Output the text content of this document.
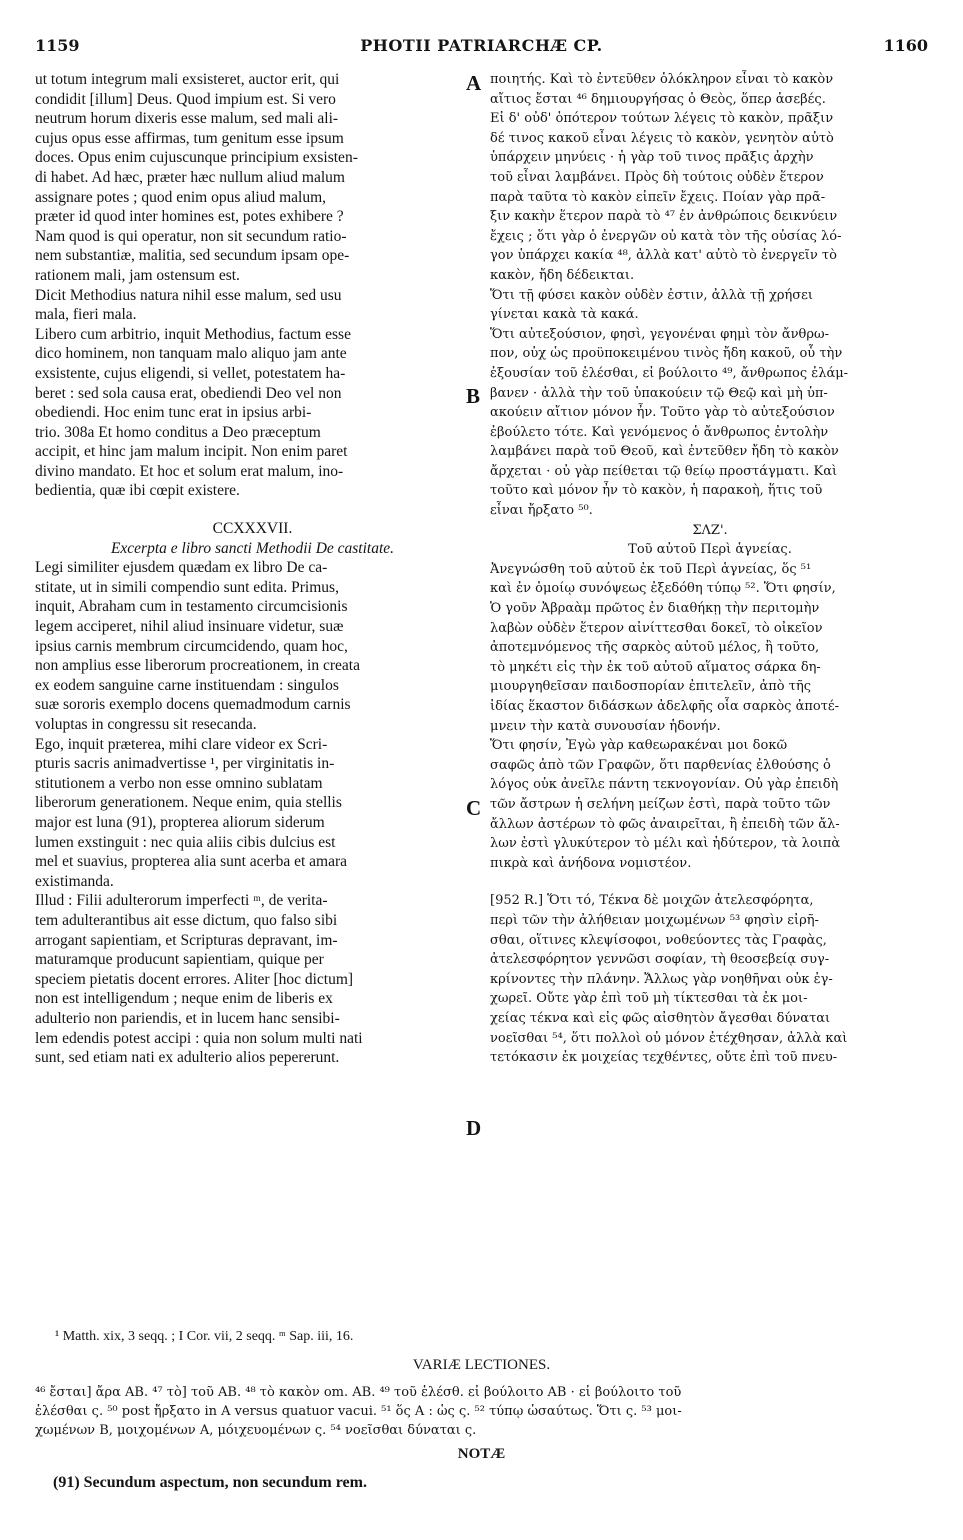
1159	PHOTII PATRIARCHÆ CP.	1160
A
B
C
D
ut totum integrum mali exsisteret, auctor erit, qui
condidit [illum] Deus. Quod impium est. Si vero
neutrum horum dixeris esse malum, sed mali ali-
cujus opus esse affirmas, tum genitum esse ipsum
doces. Opus enim cujuscunque principium exsisten-
di habet. Ad hæc, præter hæc nullum aliud malum
assignare potes ; quod enim opus aliud malum,
præter id quod inter homines est, potes exhibere ?
Nam quod is qui operatur, non sit secundum ratio-
nem substantiæ, malitia, sed secundum ipsam ope-
rationem mali, jam ostensum est.
Dicit Methodius natura nihil esse malum, sed usu
mala, fieri mala.
Libero cum arbitrio, inquit Methodius, factum esse
dico hominem, non tanquam malo aliquo jam ante
exsistente, cujus eligendi, si vellet, potestatem ha-
beret : sed sola causa erat, obediendi Deo vel non
obediendi. Hoc enim tunc erat in ipsius arbi-
trio. 308a Et homo conditus a Deo præceptum
accipit, et hinc jam malum incipit. Non enim paret
divino mandato. Et hoc et solum erat malum, ino-
bedientia, quæ ibi cœpit existere.
CCXXXVII.
Excerpta e libro sancti Methodii De castitate.
Legi similiter ejusdem quædam ex libro De ca-
stitate, ut in simili compendio sunt edita. Primus,
inquit, Abraham cum in testamento circumcisionis
legem acciperet, nihil aliud insinuare videtur, suæ
ipsius carnis membrum circumcidendo, quam hoc,
non amplius esse liberorum procreationem, in creata
ex eodem sanguine carne instituendam : singulos
suæ sororis exemplo docens quemadmodum carnis
voluptas in congressu sit resecanda.
Ego, inquit præterea, mihi clare videor ex Scri-
pturis sacris animadvertisse ¹, per virginitatis in-
stitutionem a verbo non esse omnino sublatam
liberorum generationem. Neque enim, quia stellis
major est luna (91), propterea aliorum siderum
lumen exstinguit : nec quia aliis cibis dulcius est
mel et suavius, propterea alia sunt acerba et amara
existimanda.
Illud : Filii adulterorum imperfecti ᵐ, de verita-
tem adulterantibus ait esse dictum, quo falso sibi
arrogant sapientiam, et Scripturas depravant, im-
maturamque producunt sapientiam, quique per
speciem pietatis docent errores. Aliter [hoc dictum]
non est intelligendum ; neque enim de liberis ex
adulterio non pariendis, et in lucem hanc sensibi-
lem edendis potest accipi : quia non solum multi nati
sunt, sed etiam nati ex adulterio alios pepererunt.
ποιητής. Καὶ τὸ ἐντεῦθεν ὁλόκληρον εἶναι τὸ κακὸν
αἴτιος ἔσται ⁴⁶ δημιουργήσας ὁ Θεὸς, ὅπερ ἀσεβές.
Εἰ δ' οὐδ' ὁπότερον τούτων λέγεις τὸ κακὸν, πρᾶξιν
δέ τινος κακοῦ εἶναι λέγεις τὸ κακὸν, γενητὸν αὐτὸ
ὑπάρχειν μηνύεις · ἡ γὰρ τοῦ τινος πρᾶξις ἀρχὴν
τοῦ εἶναι λαμβάνει. Πρὸς δὴ τούτοις οὐδὲν ἕτερον
παρὰ ταῦτα τὸ κακὸν εἰπεῖν ἔχεις. Ποίαν γὰρ πρᾶ-
ξιν κακὴν ἕτερον παρὰ τὸ ⁴⁷ ἐν ἀνθρώποις δεικνύειν
ἔχεις ; ὅτι γὰρ ὁ ἐνεργῶν οὐ κατὰ τὸν τῆς οὐσίας λό-
γον ὑπάρχει κακία ⁴⁸, ἀλλὰ κατ' αὐτὸ τὸ ἐνεργεῖν τὸ
κακὸν, ἤδη δέδεικται.
Ὅτι τῇ φύσει κακὸν οὐδὲν ἐστιν, ἀλλὰ τῇ χρήσει
γίνεται κακὰ τὰ κακά.
Ὅτι αὐτεξούσιον, φησὶ, γεγονέναι φημὶ τὸν ἄνθρω-
πον, οὐχ ὡς προϋποκειμένου τινὸς ἤδη κακοῦ, οὗ τὴν
ἐξουσίαν τοῦ ἑλέσθαι, εἰ βούλοιτο ⁴⁹, ἄνθρωπος ἐλάμ-
βανεν · ἀλλὰ τὴν τοῦ ὑπακούειν τῷ Θεῷ καὶ μὴ ὑπ-
ακούειν αἴτιον μόνον ἦν. Τοῦτο γὰρ τὸ αὐτεξούσιον
ἐβούλετο τότε. Καὶ γενόμενος ὁ ἄνθρωπος ἐντολὴν
λαμβάνει παρὰ τοῦ Θεοῦ, καὶ ἐντεῦθεν ἤδη τὸ κακὸν
ἄρχεται · οὐ γὰρ πείθεται τῷ θείῳ προστάγματι. Καὶ
τοῦτο καὶ μόνον ἦν τὸ κακὸν, ἡ παρακοὴ, ἥτις τοῦ
εἶναι ἤρξατο ⁵⁰.
ΣΛΖ'.
Τοῦ αὐτοῦ Περὶ ἁγνείας.
Ἀνεγνώσθη τοῦ αὐτοῦ ἐκ τοῦ Περὶ ἁγνείας, ὅς ⁵¹
καὶ ἐν ὁμοίῳ συνόψεως ἐξεδόθη τύπῳ ⁵². Ὅτι φησίν,
Ὁ γοῦν Ἀβραὰμ πρῶτος ἐν διαθήκῃ τὴν περιτομὴν
λαβὼν οὐδὲν ἕτερον αἰνίττεσθαι δοκεῖ, τὸ οἰκεῖον
ἀποτεμνόμενος τῆς σαρκὸς αὐτοῦ μέλος, ἢ τοῦτο,
τὸ μηκέτι εἰς τὴν ἐκ τοῦ αὐτοῦ αἵματος σάρκα δη-
μιουργηθεῖσαν παιδοσπορίαν ἐπιτελεῖν, ἀπὸ τῆς
ἰδίας ἕκαστον διδάσκων ἀδελφῆς οἷα σαρκὸς ἀποτέ-
μνειν τὴν κατὰ συνουσίαν ἡδονήν.
Ὅτι φησίν, Ἐγὼ γὰρ καθεωρακέναι μοι δοκῶ
σαφῶς ἀπὸ τῶν Γραφῶν, ὅτι παρθενίας ἐλθούσης ὁ
λόγος οὐκ ἀνεῖλε πάντη τεκνογονίαν. Οὐ γὰρ ἐπειδὴ
τῶν ἄστρων ἡ σελήνη μείζων ἐστὶ, παρὰ τοῦτο τῶν
ἄλλων ἀστέρων τὸ φῶς ἀναιρεῖται, ἢ ἐπειδὴ τῶν ἄλ-
λων ἐστὶ γλυκύτερον τὸ μέλι καὶ ἡδύτερον, τὰ λοιπὰ
πικρὰ καὶ ἀνήδονα νομιστέον.
[952 R.] Ὅτι τό, Τέκνα δὲ μοιχῶν ἀτελεσφόρητα,
περὶ τῶν τὴν ἀλήθειαν μοιχωμένων ⁵³ φησὶν εἰρῆ-
σθαι, οἵτινες κλεψίσοφοι, νοθεύοντες τὰς Γραφὰς,
ἀτελεσφόρητον γεννῶσι σοφίαν, τὴ θεοσεβείᾳ συγ-
κρίνοντες τὴν πλάνην. Ἄλλως γὰρ νοηθῆναι οὐκ ἐγ-
χωρεῖ. Οὔτε γὰρ ἐπὶ τοῦ μὴ τίκτεσθαι τὰ ἐκ μοι-
χείας τέκνα καὶ εἰς φῶς αἰσθητὸν ἄγεσθαι δύναται
νοεῖσθαι ⁵⁴, ὅτι πολλοὶ οὐ μόνον ἐτέχθησαν, ἀλλὰ καὶ
τετόκασιν ἐκ μοιχείας τεχθέντες, οὔτε ἐπὶ τοῦ πνευ-
¹ Matth. xix, 3 seqq. ; I Cor. vii, 2 seqq. ᵐ Sap. iii, 16.
VARIÆ LECTIONES.
⁴⁶ ἔσται] ἄρα AB. ⁴⁷ τὸ] τοῦ AB. ⁴⁸ τὸ κακὸν om. AB. ⁴⁹ τοῦ ἑλέσθ. εἰ βούλοιτο AB · εἰ βούλοιτο τοῦ
ἑλέσθαι ς. ⁵⁰ post ἤρξατο in A versus quatuor vacui. ⁵¹ ὅς A : ὡς ς. ⁵² τύπῳ ὡσαύτως. Ὅτι ς. ⁵³ μοι-
χωμένων B, μοιχομένων A, μόιχευομένων ς. ⁵⁴ νοεῖσθαι δύναται ς.
NOTÆ
(91) Secundum aspectum, non secundum rem.
